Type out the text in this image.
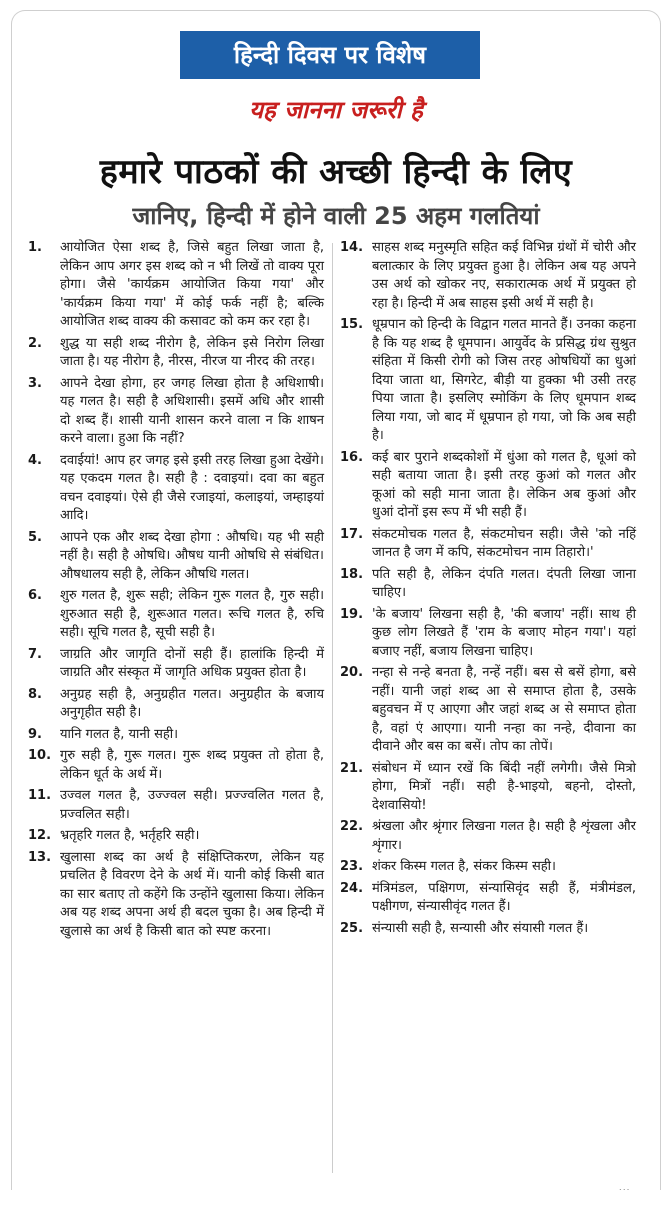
हिन्दी दिवस पर विशेष
यह जानना जरूरी है
हमारे पाठकों की अच्छी हिन्दी के लिए
जानिए, हिन्दी में होने वाली 25 अहम गलतियां
1.	आयोजित ऐसा शब्द है, जिसे बहुत लिखा जाता है, लेकिन आप अगर इस शब्द को न भी लिखें तो वाक्य पूरा होगा। जैसे 'कार्यक्रम आयोजित किया गया' और 'कार्यक्रम किया गया' में कोई फर्क नहीं है; बल्कि आयोजित शब्द वाक्य की कसावट को कम कर रहा है।
2.	शुद्ध या सही शब्द नीरोग है, लेकिन इसे निरोग लिखा जाता है। यह नीरोग है, नीरस, नीरज या नीरद की तरह।
3.	आपने देखा होगा, हर जगह लिखा होता है अधिशाषी। यह गलत है। सही है अधिशासी। इसमें अधि और शासी दो शब्द हैं। शासी यानी शासन करने वाला न कि शाषन करने वाला। हुआ कि नहीं?
4.	दवाईयां! आप हर जगह इसे इसी तरह लिखा हुआ देखेंगे। यह एकदम गलत है। सही है : दवाइयां। दवा का बहुत वचन दवाइयां। ऐसे ही जैसे रजाइयां, कलाइयां, जम्हाइयां आदि।
5.	आपने एक और शब्द देखा होगा : औषधि। यह भी सही नहीं है। सही है ओषधि। औषध यानी ओषधि से संबंधित। औषधालय सही है, लेकिन औषधि गलत।
6.	शुरु गलत है, शुरू सही; लेकिन गुरू गलत है, गुरु सही। शुरुआत सही है, शुरूआत गलत। रूचि गलत है, रुचि सही। सूचि गलत है, सूची सही है।
7.	जाग्रति और जागृति दोनों सही हैं। हालांकि हिन्दी में जाग्रति और संस्कृत में जागृति अधिक प्रयुक्त होता है।
8.	अनुग्रह सही है, अनुग्रहीत गलत। अनुग्रहीत के बजाय अनुगृहीत सही है।
9.	यानि गलत है, यानी सही।
10. गुरु सही है, गुरू गलत। गुरू शब्द प्रयुक्त तो होता है, लेकिन धूर्त के अर्थ में।
11. उज्वल गलत है, उज्ज्वल सही। प्रज्ज्वलित गलत है, प्रज्वलित सही।
12. भ्रतृहरि गलत है, भर्तृहरि सही।
13. खुलासा शब्द का अर्थ है संक्षिप्तिकरण, लेकिन यह प्रचलित है विवरण देने के अर्थ में। यानी कोई किसी बात का सार बताए तो कहेंगे कि उन्होंने खुलासा किया। लेकिन अब यह शब्द अपना अर्थ ही बदल चुका है। अब हिन्दी में खुलासे का अर्थ है किसी बात को स्पष्ट करना।
14. साहस शब्द मनुस्मृति सहित कई विभिन्न ग्रंथों में चोरी और बलात्कार के लिए प्रयुक्त हुआ है। लेकिन अब यह अपने उस अर्थ को खोकर नए, सकारात्मक अर्थ में प्रयुक्त हो रहा है। हिन्दी में अब साहस इसी अर्थ में सही है।
15. धूम्रपान को हिन्दी के विद्वान गलत मानते हैं। उनका कहना है कि यह शब्द है धूमपान। आयुर्वेद के प्रसिद्ध ग्रंथ सुश्रुत संहिता में किसी रोगी को जिस तरह ओषधियों का धुआं दिया जाता था, सिगरेट, बीड़ी या हुक्का भी उसी तरह पिया जाता है। इसलिए स्मोकिंग के लिए धूमपान शब्द लिया गया, जो बाद में धूम्रपान हो गया, जो कि अब सही है।
16. कई बार पुराने शब्दकोशों में धुंआ को गलत है, धूआं को सही बताया जाता है। इसी तरह कुआं को गलत और कूआं को सही माना जाता है। लेकिन अब कुआं और धुआं दोनों इस रूप में भी सही हैं।
17. संकटमोचक गलत है, संकटमोचन सही। जैसे 'को नहिं जानत है जग में कपि, संकटमोचन नाम तिहारो।'
18. पति सही है, लेकिन दंपति गलत। दंपती लिखा जाना चाहिए।
19. 'के बजाय' लिखना सही है, 'की बजाय' नहीं। साथ ही कुछ लोग लिखते हैं 'राम के बजाए मोहन गया'। यहां बजाए नहीं, बजाय लिखना चाहिए।
20. नन्हा से नन्हे बनता है, नन्हें नहीं। बस से बसें होगा, बसे नहीं। यानी जहां शब्द आ से समाप्त होता है, उसके बहुवचन में ए आएगा और जहां शब्द अ से समाप्त होता है, वहां एं आएगा। यानी नन्हा का नन्हे, दीवाना का दीवाने और बस का बसें। तोप का तोपें।
21. संबोधन में ध्यान रखें कि बिंदी नहीं लगेगी। जैसे मित्रो होगा, मित्रों नहीं। सही है-भाइयो, बहनो, दोस्तो, देशवासियो!
22. श्रंखला और श्रृंगार लिखना गलत है। सही है शृंखला और शृंगार।
23. शंकर किस्म गलत है, संकर किस्म सही।
24. मंत्रिमंडल, पक्षिगण, संन्यासिवृंद सही हैं, मंत्रीमंडल, पक्षीगण, संन्यासीवृंद गलत हैं।
25. संन्यासी सही है, सन्यासी और संयासी गलत हैं।
...
